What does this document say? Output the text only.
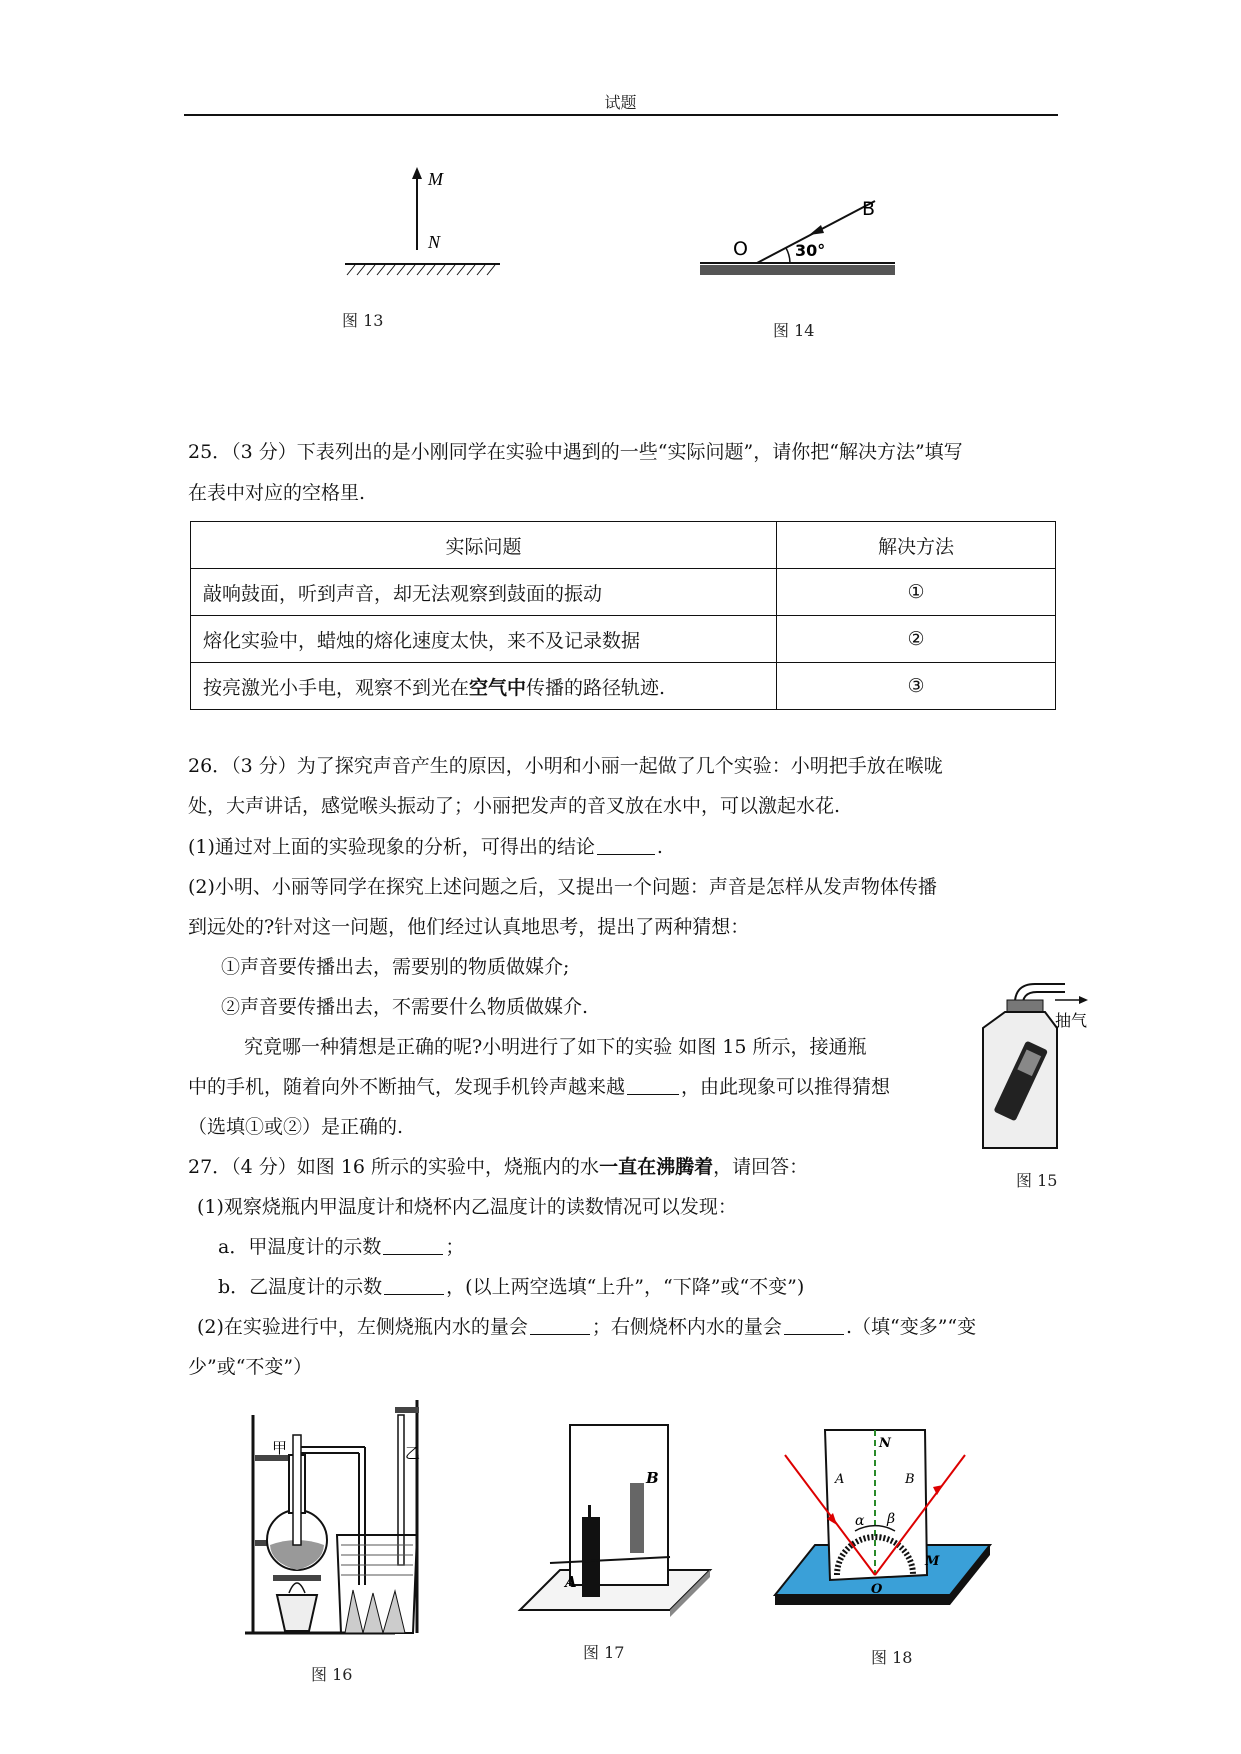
试题
M
N
图 13
O
B
30°
图 14
25．（3 分）下表列出的是小刚同学在实验中遇到的一些“实际问题”，请你把“解决方法”填写
在表中对应的空格里.
实际问题	解决方法
敲响鼓面，听到声音，却无法观察到鼓面的振动	①
熔化实验中，蜡烛的熔化速度太快，来不及记录数据	②
按亮激光小手电，观察不到光在空气中传播的路径轨迹.	③
26．（3 分）为了探究声音产生的原因，小明和小丽一起做了几个实验：小明把手放在喉咙
处，大声讲话，感觉喉头振动了；小丽把发声的音叉放在水中，可以激起水花.
(1)通过对上面的实验现象的分析，可得出的结论	.
(2)小明、小丽等同学在探究上述问题之后，又提出一个问题：声音是怎样从发声物体传播
到远处的?针对这一问题，他们经过认真地思考，提出了两种猜想：
①声音要传播出去，需要别的物质做媒介;
②声音要传播出去，不需要什么物质做媒介.
究竟哪一种猜想是正确的呢?小明进行了如下的实验 如图 15 所示，接通瓶
中的手机，随着向外不断抽气，发现手机铃声越来越	，由此现象可以推得猜想
（选填①或②）是正确的.
抽气
图 15
27．（4 分）如图 16 所示的实验中，烧瓶内的水一直在沸腾着，请回答：
(1)观察烧瓶内甲温度计和烧杯内乙温度计的读数情况可以发现：
a．甲温度计的示数	；
b．乙温度计的示数	，(以上两空选填“上升”，“下降”或“不变”)
(2)在实验进行中，左侧烧瓶内水的量会	；右侧烧杯内水的量会	.（填“变多”“变
少”或“不变”）
甲	乙
图 16
A
B
图 17
N
A	B
α β
O
M
图 18
